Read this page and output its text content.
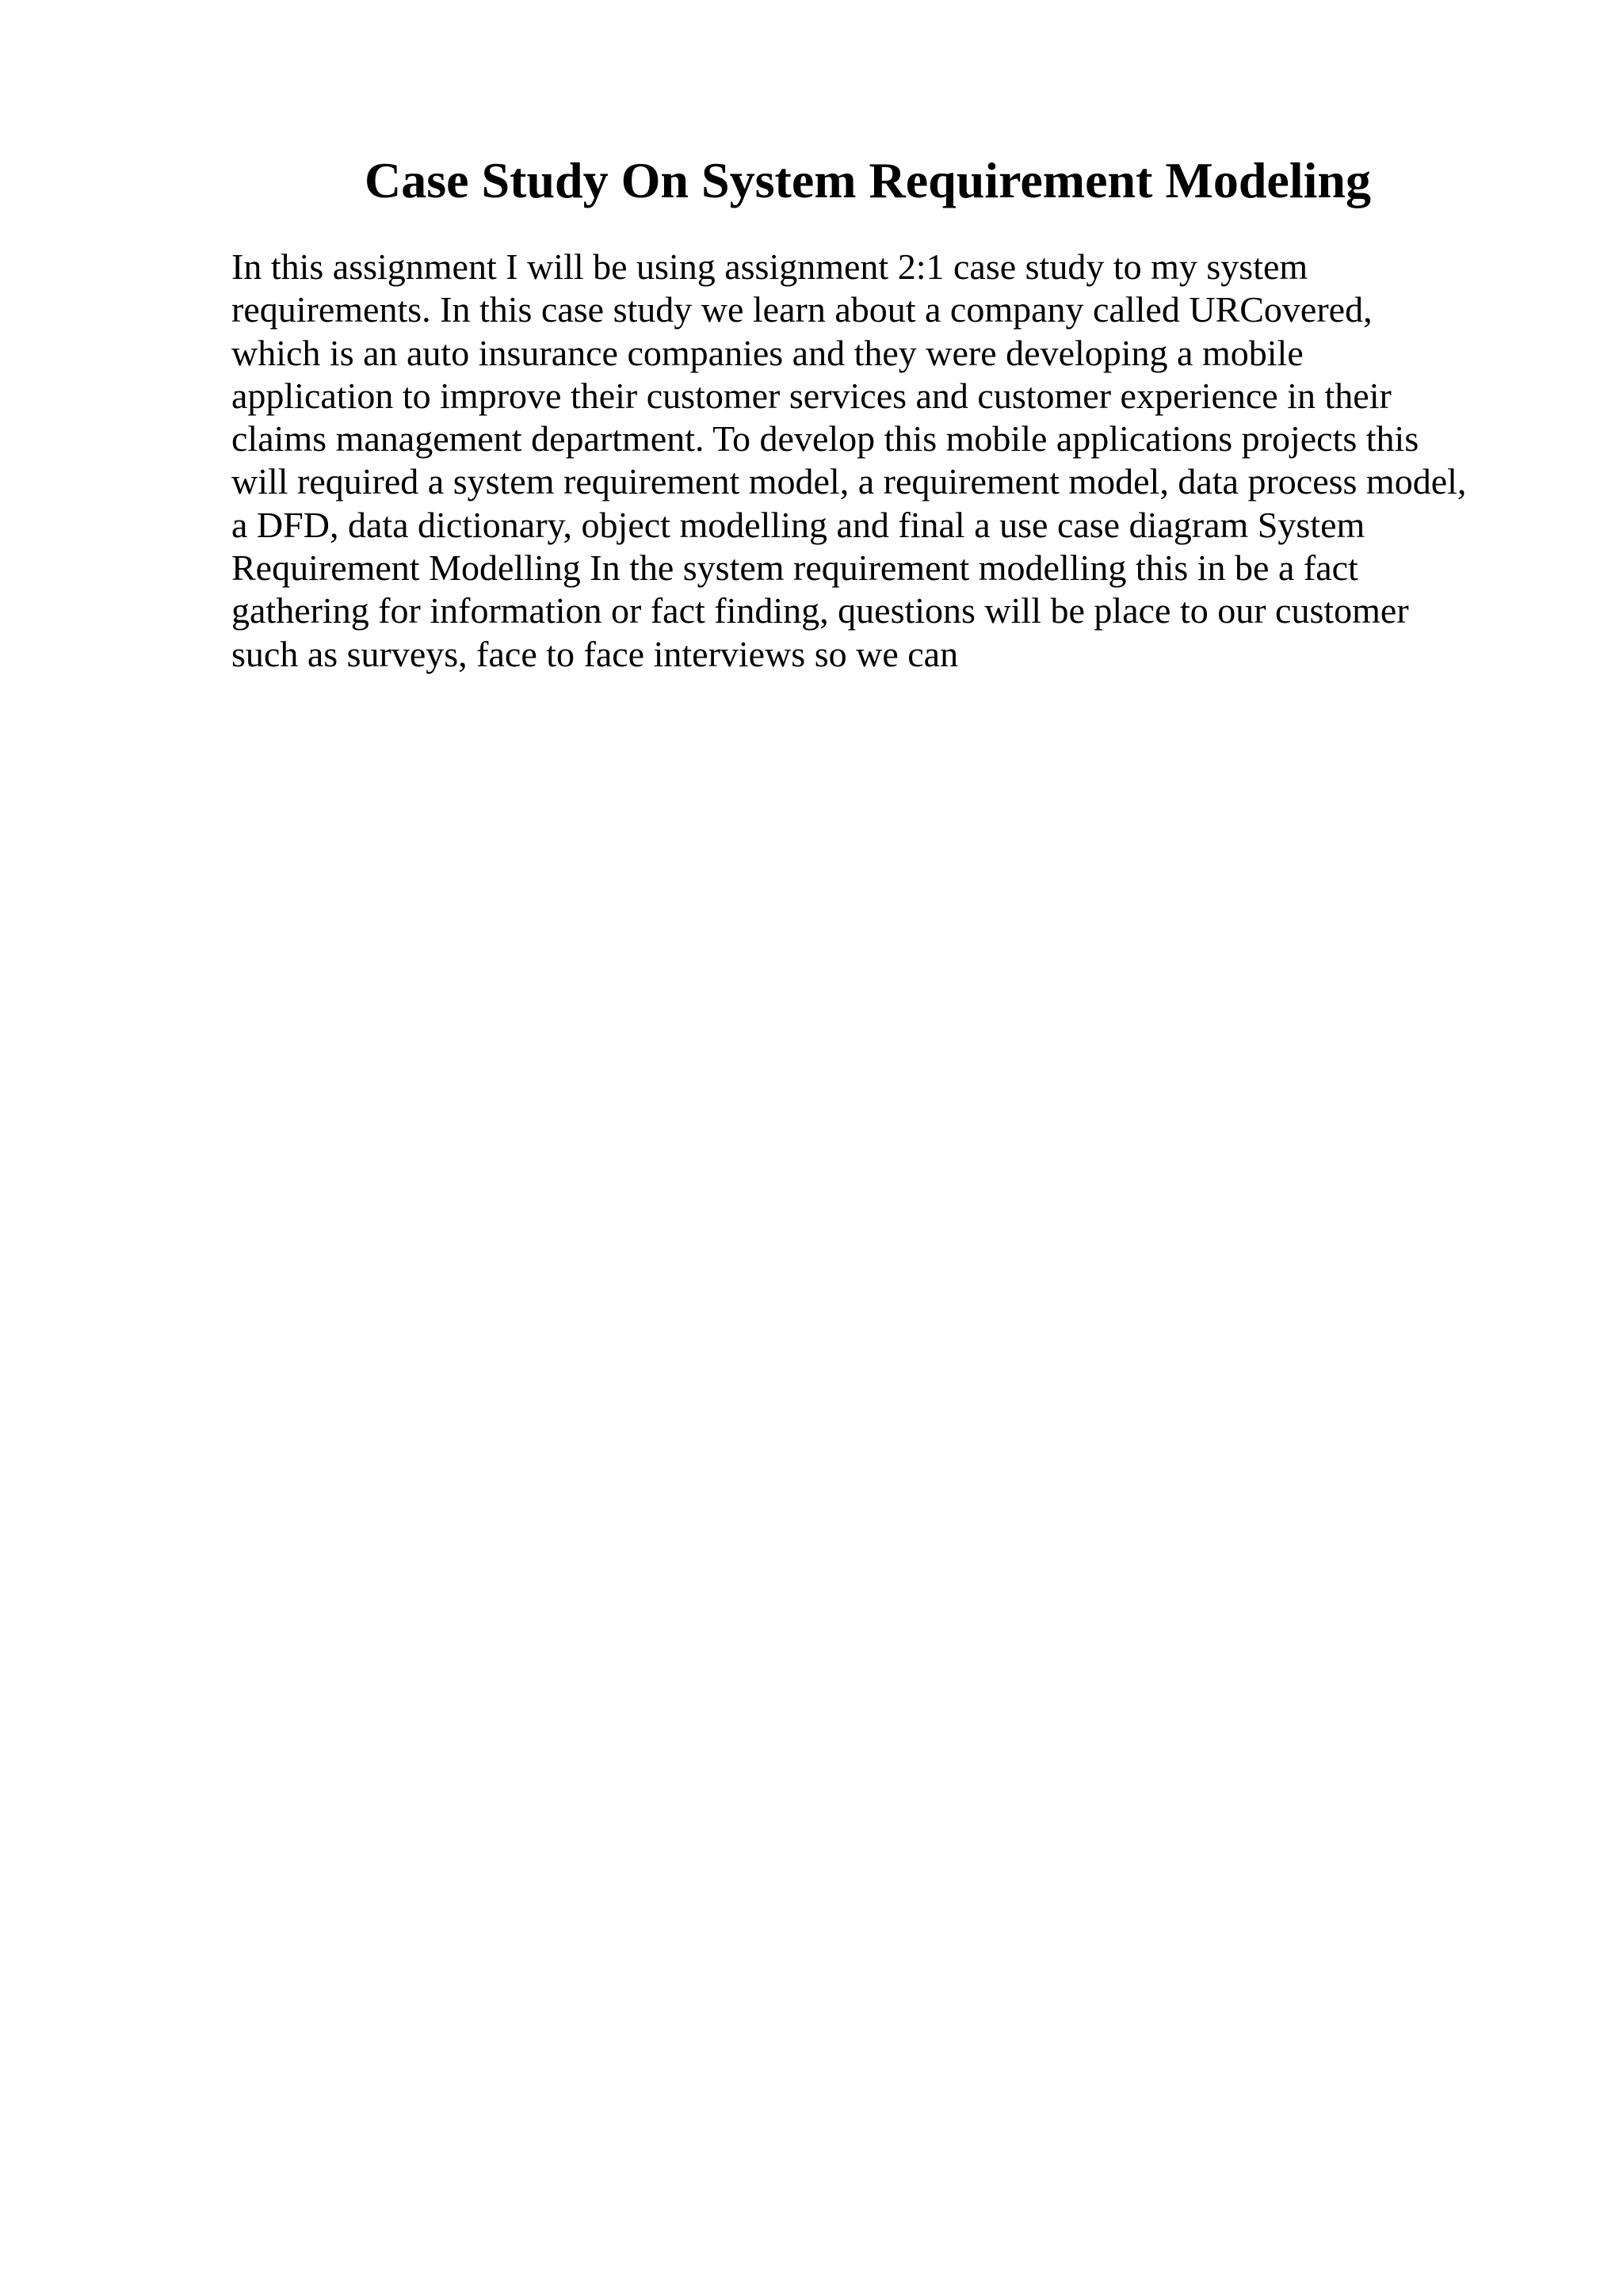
Case Study On System Requirement Modeling
In this assignment I will be using assignment 2:1 case study to my system
requirements. In this case study we learn about a company called URCovered,
which is an auto insurance companies and they were developing a mobile
application to improve their customer services and customer experience in their
claims management department. To develop this mobile applications projects this
will required a system requirement model, a requirement model, data process model,
a DFD, data dictionary, object modelling and final a use case diagram System
Requirement Modelling In the system requirement modelling this in be a fact
gathering for information or fact finding, questions will be place to our customer
such as surveys, face to face interviews so we can
